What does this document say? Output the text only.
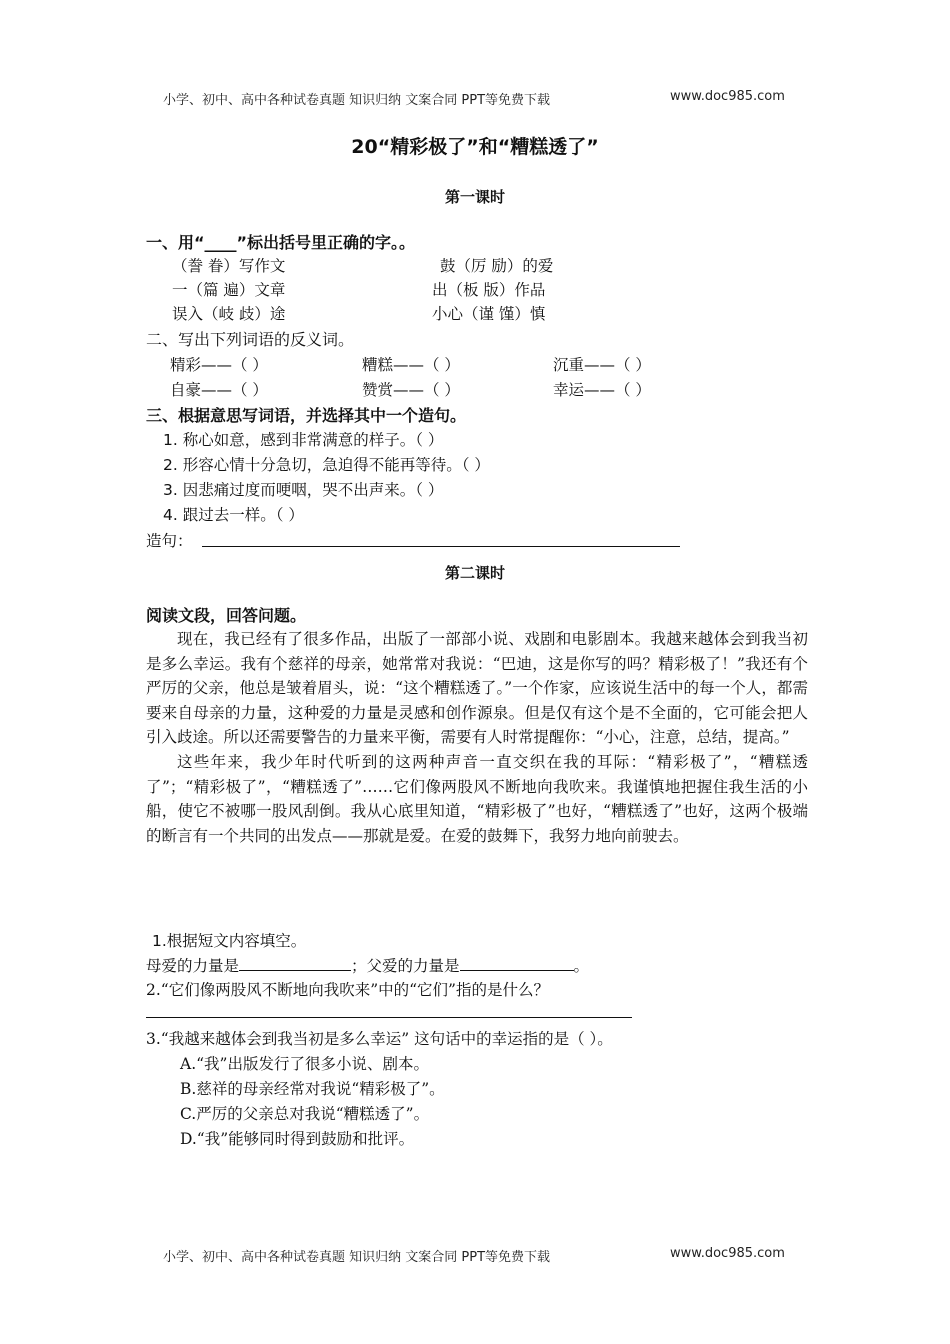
小学、初中、高中各种试卷真题 知识归纳 文案合同 PPT等免费下载	www.doc985.com
20“精彩极了”和“糟糕透了”
第一课时
一、用“____”标出括号里正确的字。。
（誊 眷）写作文	鼓（厉 励）的爱
一（篇 遍）文章	出（板 版）作品
误入（岐 歧）途	小心（谨 馑）慎
二、写出下列词语的反义词。
精彩——（ ）	糟糕——（ ）	沉重——（ ）
自豪——（ ）	赞赏——（ ）	幸运——（ ）
三、根据意思写词语，并选择其中一个造句。
1. 称心如意，感到非常满意的样子。（ ）
2. 形容心情十分急切，急迫得不能再等待。（ ）
3. 因悲痛过度而哽咽，哭不出声来。（ ）
4. 跟过去一样。（ ）
造句：
第二课时
阅读文段，回答问题。

现在，我已经有了很多作品，出版了一部部小说、戏剧和电影剧本。我越来越体会到我当初是多么幸运。我有个慈祥的母亲，她常常对我说：“巴迪，这是你写的吗？精彩极了！”我还有个严厉的父亲，他总是皱着眉头，说：“这个糟糕透了。”一个作家，应该说生活中的每一个人，都需要来自母亲的力量，这种爱的力量是灵感和创作源泉。但是仅有这个是不全面的，它可能会把人引入歧途。所以还需要警告的力量来平衡，需要有人时常提醒你：“小心，注意，总结，提高。”

这些年来，我少年时代听到的这两种声音一直交织在我的耳际：“精彩极了”，“糟糕透了”；“精彩极了”，“糟糕透了”……它们像两股风不断地向我吹来。我谨慎地把握住我生活的小船，使它不被哪一股风刮倒。我从心底里知道，“精彩极了”也好，“糟糕透了”也好，这两个极端的断言有一个共同的出发点——那就是爱。在爱的鼓舞下，我努力地向前驶去。

1.根据短文内容填空。
母爱的力量是	；父爱的力量是	。
2.“它们像两股风不断地向我吹来”中的“它们”指的是什么？
3.“我越来越体会到我当初是多么幸运” 这句话中的幸运指的是（ ）。
A.“我”出版发行了很多小说、剧本。
B.慈祥的母亲经常对我说“精彩极了”。
C.严厉的父亲总对我说“糟糕透了”。
D.“我”能够同时得到鼓励和批评。
小学、初中、高中各种试卷真题 知识归纳 文案合同 PPT等免费下载	www.doc985.com
